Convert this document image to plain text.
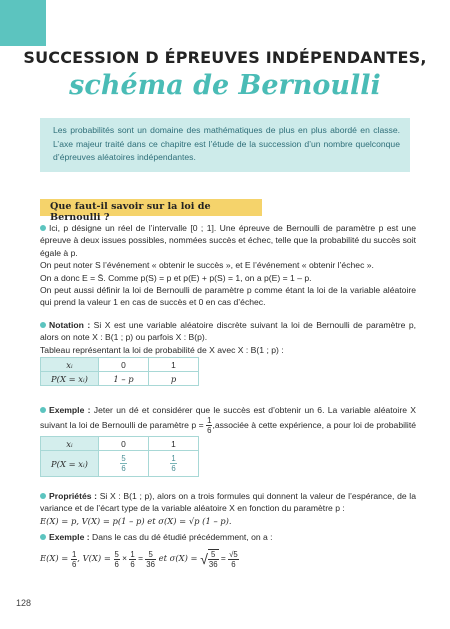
SUCCESSION D ÉPREUVES INDÉPENDANTES,
schéma de Bernoulli
Les probabilités sont un domaine des mathématiques de plus en plus abordé en classe. L’axe majeur traité dans ce chapitre est l’étude de la succession d’un nombre quelconque d’épreuves aléatoires indépendantes.
Que faut-il savoir sur la loi de Bernoulli ?

Ici, p désigne un réel de l’intervalle [0 ; 1]. Une épreuve de Bernoulli de paramètre p est une épreuve à deux issues possibles, nommées succès et échec, telle que la probabilité du succès soit égale à p.

On peut noter S l’événement « obtenir le succès », et E l’événement « obtenir l’échec ».

On a donc E = S̄. Comme p(S) = p et p(E) + p(S) = 1, on a p(E) = 1 – p.

On peut aussi définir la loi de Bernoulli de paramètre p comme étant la loi de la variable aléatoire qui prend la valeur 1 en cas de succès et 0 en cas d’échec.

Notation : Si X est une variable aléatoire discrète suivant la loi de Bernoulli de paramètre p, alors on note X : B(1 ; p) ou parfois X : B(p).

Tableau représentant la loi de probabilité de X avec X : B(1 ; p) :

xᵢ	0	1
P(X = xᵢ)	1 – p	p

Exemple : Jeter un dé et considérer que le succès est d’obtenir un 6. La variable aléatoire X suivant la loi de Bernoulli de paramètre $p = \frac{1}{6}$ ,associée à cette expérience, a pour loi de probabilité

xᵢ	0	1
P(X = xᵢ)	$\frac{5}{6}$	$\frac{1}{6}$

Propriétés : Si X : B(1 ; p), alors on a trois formules qui donnent la valeur de l’espérance, de la variance et de l’écart type de la variable aléatoire X en fonction du paramètre p :

E(X) = p, V(X) = p(1 – p) et σ(X) = √p (1 – p).

Exemple : Dans le cas du dé étudié précédemment, on a :

$E(X) = \frac{1}{6}$ , $V(X) = \frac{5}{6} \times \frac{1}{6} = \frac{5}{36}$ et σ(X) = √ $\frac{5}{36} = \frac{√5}{6}$
128
